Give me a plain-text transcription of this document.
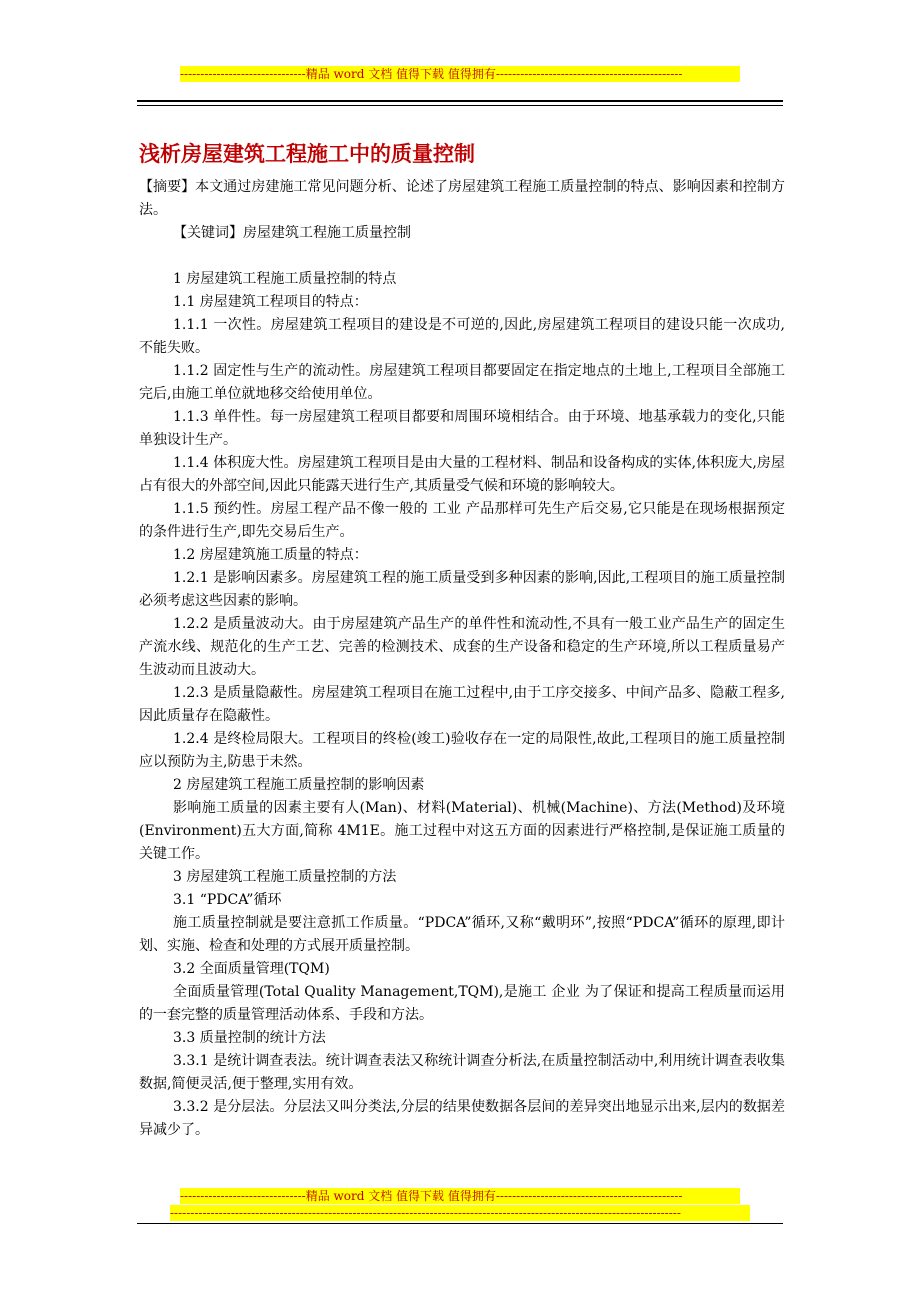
-------------------------------精品 word 文档 值得下载 值得拥有----------------------------------------------
浅析房屋建筑工程施工中的质量控制

【摘要】本文通过房建施工常见问题分析、论述了房屋建筑工程施工质量控制的特点、影响因素和控制方法。

【关键词】房屋建筑工程施工质量控制

1 房屋建筑工程施工质量控制的特点

1.1 房屋建筑工程项目的特点：

1.1.1 一次性。房屋建筑工程项目的建设是不可逆的,因此,房屋建筑工程项目的建设只能一次成功,不能失败。

1.1.2 固定性与生产的流动性。房屋建筑工程项目都要固定在指定地点的土地上,工程项目全部施工完后,由施工单位就地移交给使用单位。

1.1.3 单件性。每一房屋建筑工程项目都要和周围环境相结合。由于环境、地基承载力的变化,只能单独设计生产。

1.1.4 体积庞大性。房屋建筑工程项目是由大量的工程材料、制品和设备构成的实体,体积庞大,房屋占有很大的外部空间,因此只能露天进行生产,其质量受气候和环境的影响较大。

1.1.5 预约性。房屋工程产品不像一般的 工业 产品那样可先生产后交易,它只能是在现场根据预定的条件进行生产,即先交易后生产。

1.2 房屋建筑施工质量的特点：

1.2.1 是影响因素多。房屋建筑工程的施工质量受到多种因素的影响,因此,工程项目的施工质量控制必须考虑这些因素的影响。

1.2.2 是质量波动大。由于房屋建筑产品生产的单件性和流动性,不具有一般工业产品生产的固定生产流水线、规范化的生产工艺、完善的检测技术、成套的生产设备和稳定的生产环境,所以工程质量易产生波动而且波动大。

1.2.3 是质量隐蔽性。房屋建筑工程项目在施工过程中,由于工序交接多、中间产品多、隐蔽工程多,因此质量存在隐蔽性。

1.2.4 是终检局限大。工程项目的终检(竣工)验收存在一定的局限性,故此,工程项目的施工质量控制应以预防为主,防患于未然。

2 房屋建筑工程施工质量控制的影响因素

影响施工质量的因素主要有人(Man)、材料(Material)、机械(Machine)、方法(Method)及环境(Environment)五大方面,简称 4M1E。施工过程中对这五方面的因素进行严格控制,是保证施工质量的关键工作。

3 房屋建筑工程施工质量控制的方法

3.1 “PDCA”循环

施工质量控制就是要注意抓工作质量。“PDCA”循环,又称“戴明环”,按照“PDCA”循环的原理,即计划、实施、检查和处理的方式展开质量控制。

3.2 全面质量管理(TQM)

全面质量管理(Total Quality Management,TQM),是施工 企业 为了保证和提高工程质量而运用的一套完整的质量管理活动体系、手段和方法。

3.3 质量控制的统计方法

3.3.1 是统计调查表法。统计调查表法又称统计调查分析法,在质量控制活动中,利用统计调查表收集数据,简便灵活,便于整理,实用有效。

3.3.2 是分层法。分层法又叫分类法,分层的结果使数据各层间的差异突出地显示出来,层内的数据差异减少了。

-------------------------------精品 word 文档 值得下载 值得拥有----------------------------------------------
------------------------------------------------------------------------------------------------------------------------------
